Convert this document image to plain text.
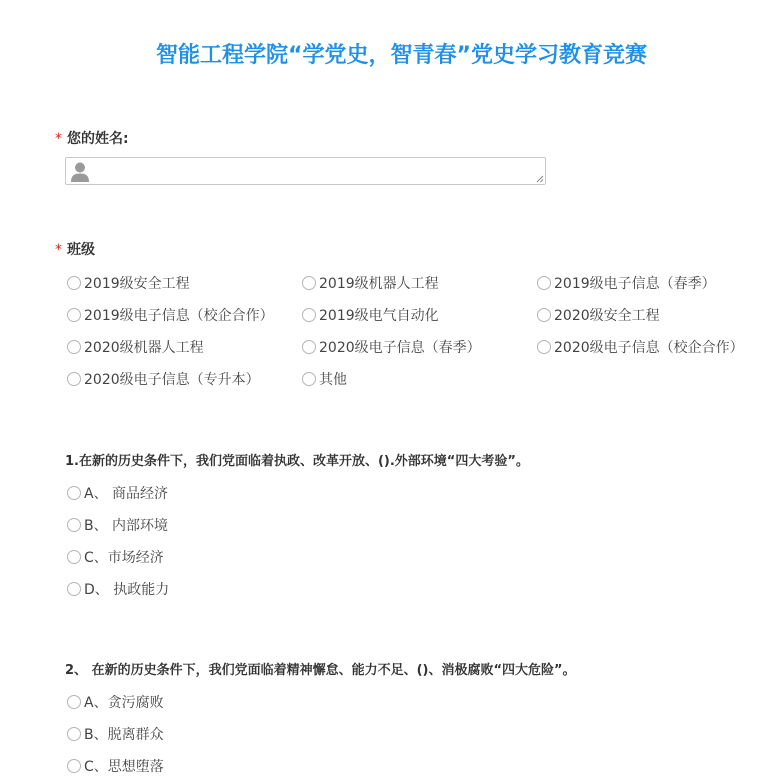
智能工程学院“学党史，智青春”党史学习教育竞赛
* 您的姓名:
* 班级
2019级安全工程	2019级机器人工程	2019级电子信息（春季）
2019级电子信息（校企合作）	2019级电气自动化	2020级安全工程
2020级机器人工程	2020级电子信息（春季）	2020级电子信息（校企合作）
2020级电子信息（专升本）	其他
1.在新的历史条件下，我们党面临着执政、改革开放、().外部环境“四大考验”。
A、 商品经济
B、 内部环境
C、市场经济
D、 执政能力
2、 在新的历史条件下，我们党面临着精神懈怠、能力不足、()、消极腐败“四大危险”。
A、贪污腐败
B、脱离群众
C、思想堕落
